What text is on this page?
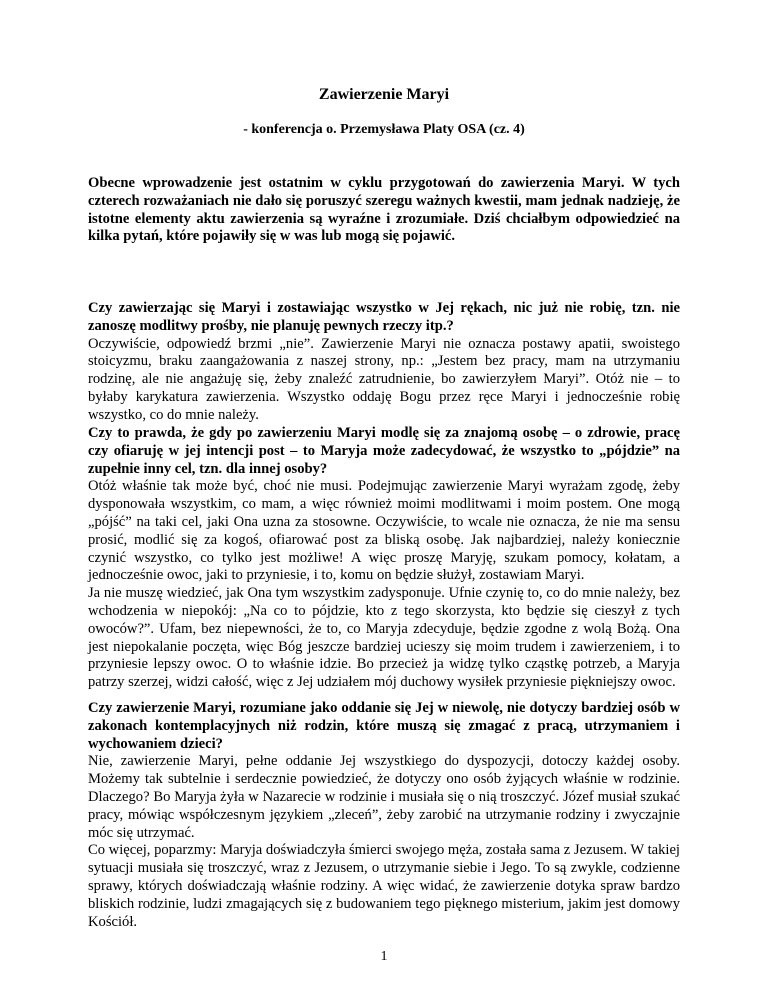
Zawierzenie Maryi
- konferencja o. Przemysława Platy OSA (cz. 4)

Obecne wprowadzenie jest ostatnim w cyklu przygotowań do zawierzenia Maryi. W tych czterech rozważaniach nie dało się poruszyć szeregu ważnych kwestii, mam jednak nadzieję, że istotne elementy aktu zawierzenia są wyraźne i zrozumiałe. Dziś chciałbym odpowiedzieć na kilka pytań, które pojawiły się w was lub mogą się pojawić.

Czy zawierzając się Maryi i zostawiając wszystko w Jej rękach, nic już nie robię, tzn. nie zanoszę modlitwy prośby, nie planuję pewnych rzeczy itp.?
Oczywiście, odpowiedź brzmi „nie”. Zawierzenie Maryi nie oznacza postawy apatii, swoistego stoicyzmu, braku zaangażowania z naszej strony, np.: „Jestem bez pracy, mam na utrzymaniu rodzinę, ale nie angażuję się, żeby znaleźć zatrudnienie, bo zawierzyłem Maryi”. Otóż nie – to byłaby karykatura zawierzenia. Wszystko oddaję Bogu przez ręce Maryi i jednocześnie robię wszystko, co do mnie należy.
Czy to prawda, że gdy po zawierzeniu Maryi modlę się za znajomą osobę – o zdrowie, pracę czy ofiaruję w jej intencji post – to Maryja może zadecydować, że wszystko to „pójdzie” na zupełnie inny cel, tzn. dla innej osoby?
Otóż właśnie tak może być, choć nie musi. Podejmując zawierzenie Maryi wyrażam zgodę, żeby dysponowała wszystkim, co mam, a więc również moimi modlitwami i moim postem. One mogą „pójść” na taki cel, jaki Ona uzna za stosowne. Oczywiście, to wcale nie oznacza, że nie ma sensu prosić, modlić się za kogoś, ofiarować post za bliską osobę. Jak najbardziej, należy koniecznie czynić wszystko, co tylko jest możliwe! A więc proszę Maryję, szukam pomocy, kołatam, a jednocześnie owoc, jaki to przyniesie, i to, komu on będzie służył, zostawiam Maryi.
Ja nie muszę wiedzieć, jak Ona tym wszystkim zadysponuje. Ufnie czynię to, co do mnie należy, bez wchodzenia w niepokój: „Na co to pójdzie, kto z tego skorzysta, kto będzie się cieszył z tych owoców?”. Ufam, bez niepewności, że to, co Maryja zdecyduje, będzie zgodne z wolą Bożą. Ona jest niepokalanie poczęta, więc Bóg jeszcze bardziej ucieszy się moim trudem i zawierzeniem, i to przyniesie lepszy owoc. O to właśnie idzie. Bo przecież ja widzę tylko cząstkę potrzeb, a Maryja patrzy szerzej, widzi całość, więc z Jej udziałem mój duchowy wysiłek przyniesie piękniejszy owoc.
Czy zawierzenie Maryi, rozumiane jako oddanie się Jej w niewolę, nie dotyczy bardziej osób w zakonach kontemplacyjnych niż rodzin, które muszą się zmagać z pracą, utrzymaniem i wychowaniem dzieci?
Nie, zawierzenie Maryi, pełne oddanie Jej wszystkiego do dyspozycji, dotoczy każdej osoby. Możemy tak subtelnie i serdecznie powiedzieć, że dotyczy ono osób żyjących właśnie w rodzinie. Dlaczego? Bo Maryja żyła w Nazarecie w rodzinie i musiała się o nią troszczyć. Józef musiał szukać pracy, mówiąc współczesnym językiem „zleceń”, żeby zarobić na utrzymanie rodziny i zwyczajnie móc się utrzymać.
Co więcej, poparzmy: Maryja doświadczyła śmierci swojego męża, została sama z Jezusem. W takiej sytuacji musiała się troszczyć, wraz z Jezusem, o utrzymanie siebie i Jego. To są zwykle, codzienne sprawy, których doświadczają właśnie rodziny. A więc widać, że zawierzenie dotyka spraw bardzo bliskich rodzinie, ludzi zmagających się z budowaniem tego pięknego misterium, jakim jest domowy Kościół.
1
